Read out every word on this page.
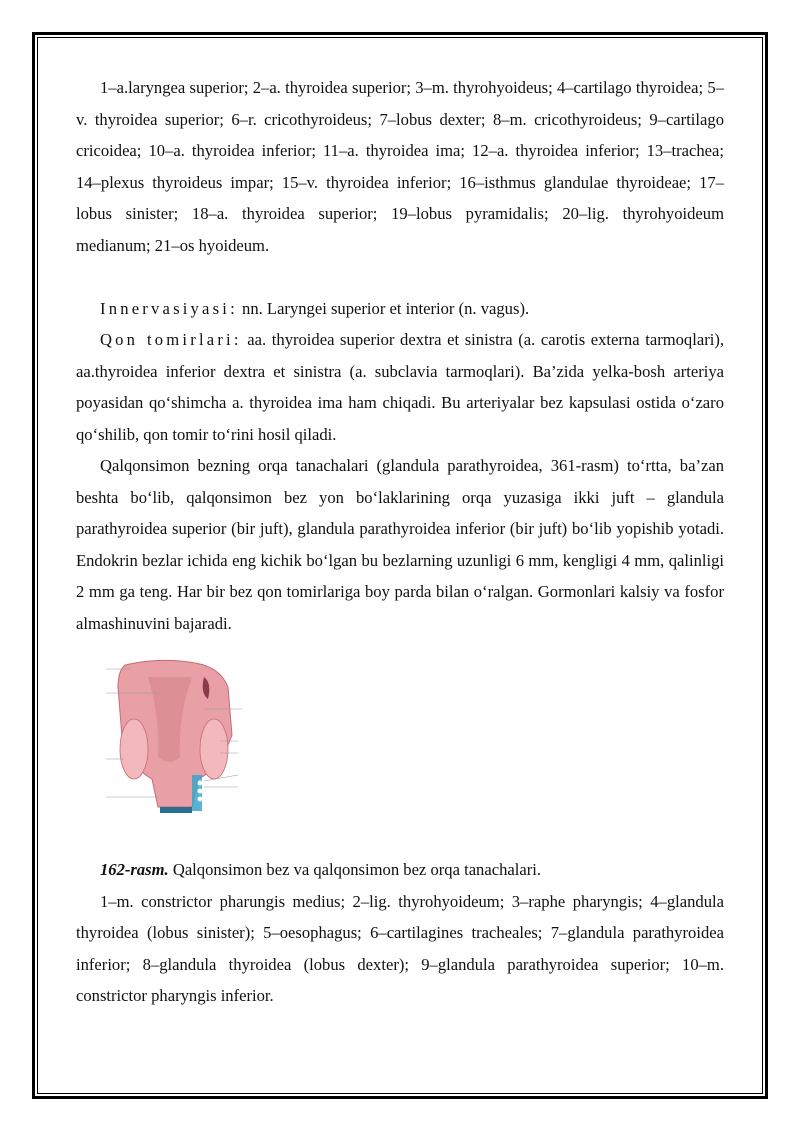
1–a.laryngea superior; 2–a. thyroidea superior; 3–m. thyrohyoideus; 4–cartilago thyroidea; 5–v. thyroidea superior; 6–r. cricothyroideus; 7–lobus dexter; 8–m. cricothyroideus; 9–cartilago cricoidea; 10–a. thyroidea inferior; 11–a. thyroidea ima; 12–a. thyroidea inferior; 13–trachea; 14–plexus thyroideus impar; 15–v. thyroidea inferior; 16–isthmus glandulae thyroideae; 17–lobus sinister; 18–a. thyroidea superior; 19–lobus pyramidalis; 20–lig. thyrohyoideum medianum; 21–os hyoideum.

Innervasiyasi: nn. Laryngei superior et interior (n. vagus).

Qon tomirlari: aa. thyroidea superior dextra et sinistra (a. carotis externa tarmoqlari), aa.thyroidea inferior dextra et sinistra (a. subclavia tarmoqlari). Ba’zida yelka-bosh arteriya poyasidan qo‘shimcha a. thyroidea ima ham chiqadi. Bu arteriyalar bez kapsulasi ostida o‘zaro qo‘shilib, qon tomir to‘rini hosil qiladi.

Qalqonsimon bezning orqa tanachalari (glandula parathyroidea, 361-rasm) to‘rtta, ba’zan beshta bo‘lib, qalqonsimon bez yon bo‘laklarining orqa yuzasiga ikki juft – glandula parathyroidea superior (bir juft), glandula parathyroidea inferior (bir juft) bo‘lib yopishib yotadi. Endokrin bezlar ichida eng kichik bo‘lgan bu bezlarning uzunligi 6 mm, kengligi 4 mm, qalinligi 2 mm ga teng. Har bir bez qon tomirlariga boy parda bilan o‘ralgan. Gormonlari kalsiy va fosfor almashinuvini bajaradi.

162-rasm. Qalqonsimon bez va qalqonsimon bez orqa tanachalari.

1–m. constrictor pharungis medius; 2–lig. thyrohyoideum; 3–raphe pharyngis; 4–glandula thyroidea (lobus sinister); 5–oesophagus; 6–cartilagines tracheales; 7–glandula parathyroidea inferior; 8–glandula thyroidea (lobus dexter); 9–glandula parathyroidea superior; 10–m. constrictor pharyngis inferior.
